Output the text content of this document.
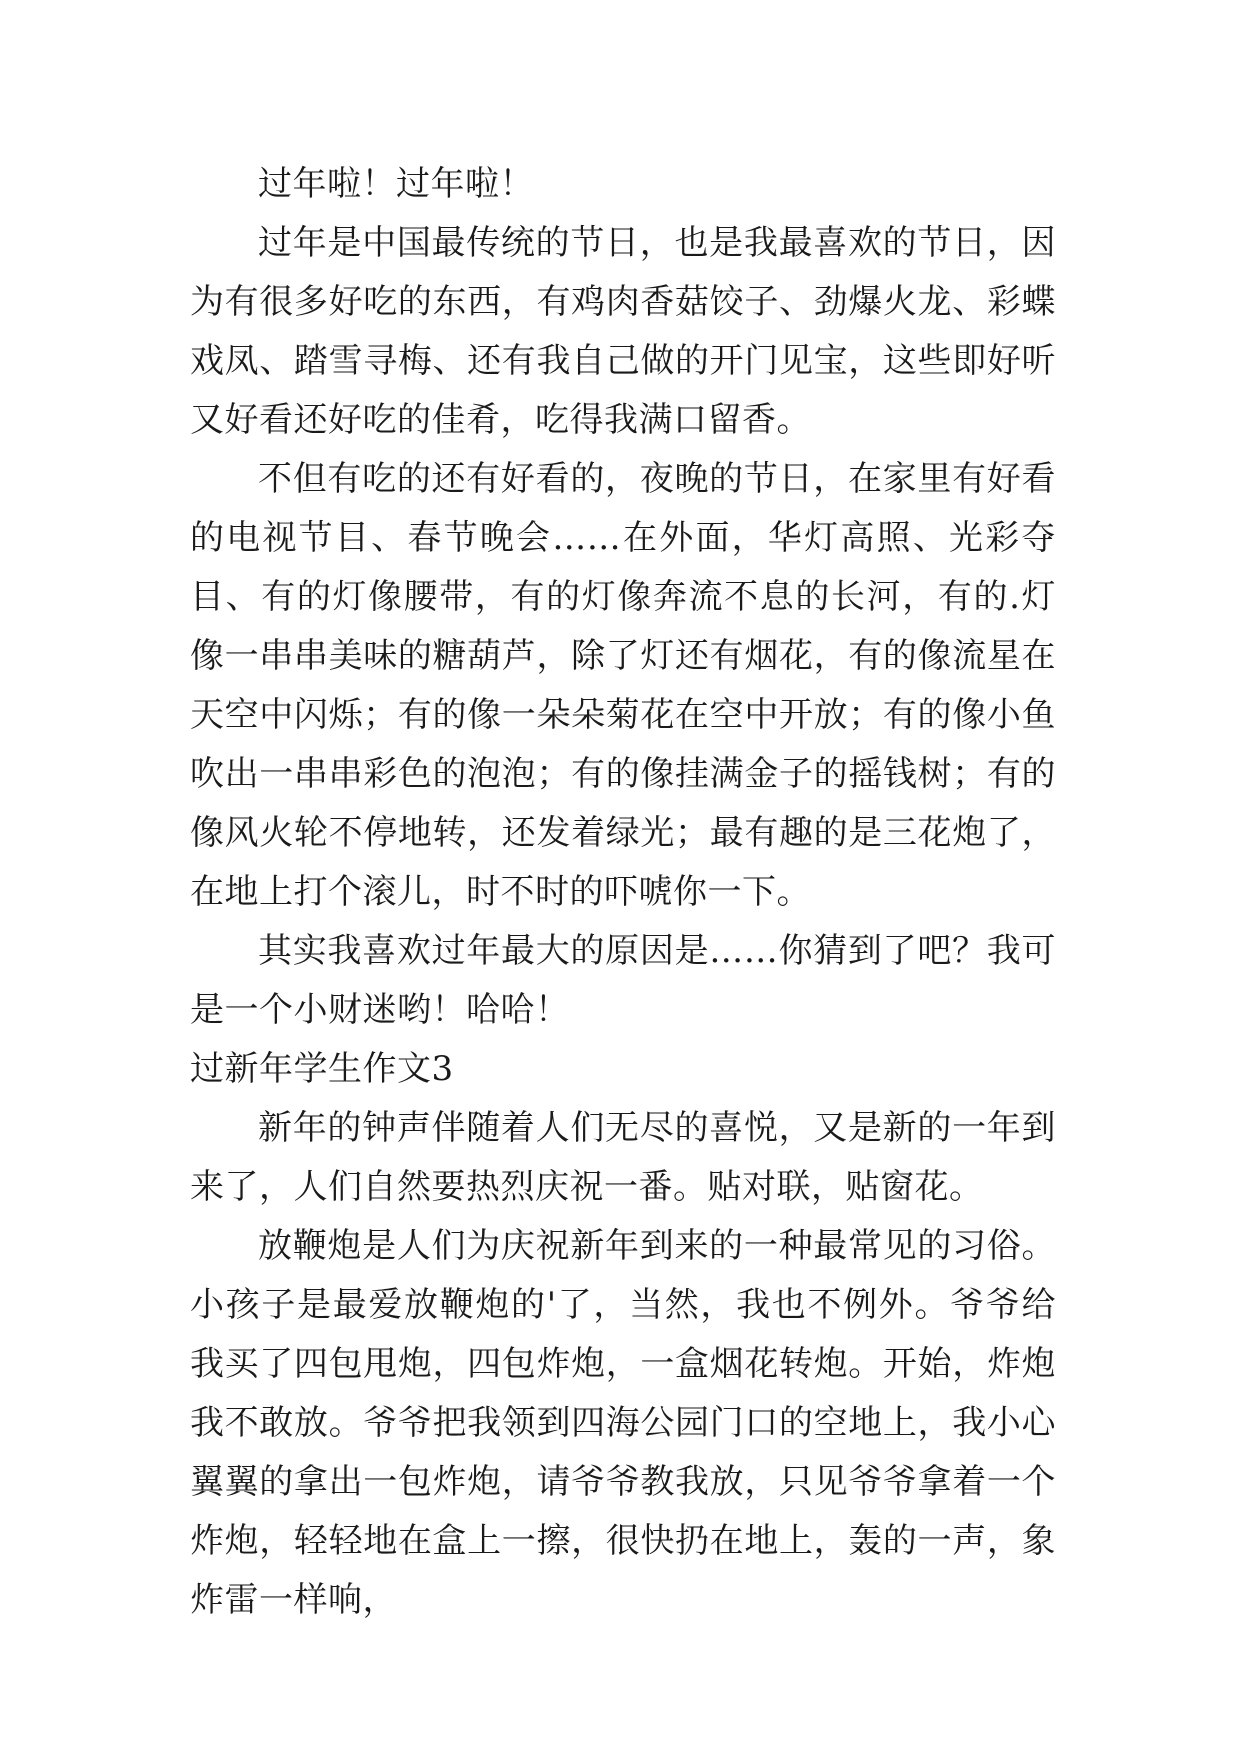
过年啦！过年啦！

过年是中国最传统的节日，也是我最喜欢的节日，因为有很多好吃的东西，有鸡肉香菇饺子、劲爆火龙、彩蝶戏凤、踏雪寻梅、还有我自己做的开门见宝，这些即好听又好看还好吃的佳肴，吃得我满口留香。

不但有吃的还有好看的，夜晚的节日，在家里有好看的电视节目、春节晚会……在外面，华灯高照、光彩夺目、有的灯像腰带，有的灯像奔流不息的长河，有的.灯像一串串美味的糖葫芦，除了灯还有烟花，有的像流星在天空中闪烁；有的像一朵朵菊花在空中开放；有的像小鱼吹出一串串彩色的泡泡；有的像挂满金子的摇钱树；有的像风火轮不停地转，还发着绿光；最有趣的是三花炮了，在地上打个滚儿，时不时的吓唬你一下。

其实我喜欢过年最大的原因是……你猜到了吧？我可是一个小财迷哟！哈哈！

过新年学生作文3

新年的钟声伴随着人们无尽的喜悦，又是新的一年到来了，人们自然要热烈庆祝一番。贴对联，贴窗花。

放鞭炮是人们为庆祝新年到来的一种最常见的习俗。小孩子是最爱放鞭炮的'了，当然，我也不例外。爷爷给我买了四包甩炮，四包炸炮，一盒烟花转炮。开始，炸炮我不敢放。爷爷把我领到四海公园门口的空地上，我小心翼翼的拿出一包炸炮，请爷爷教我放，只见爷爷拿着一个炸炮，轻轻地在盒上一擦，很快扔在地上，轰的一声，象炸雷一样响，
